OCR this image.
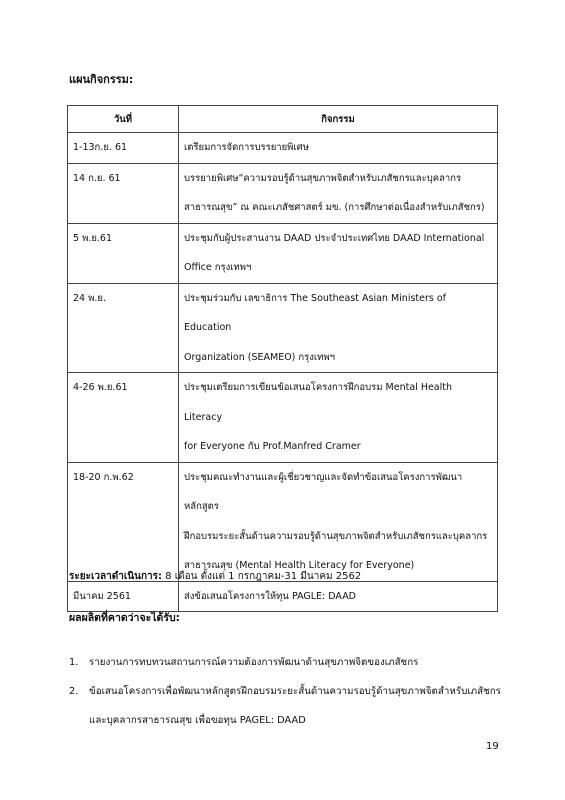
แผนกิจกรรม:
วันที่	กิจกรรม
1-13ก.ย. 61	เตรียมการจัดการบรรยายพิเศษ

14 ก.ย. 61	บรรยายพิเศษ“ความรอบรู้ด้านสุขภาพจิตสำหรับเภสัชกรและบุคลากร
สาธารณสุข” ณ คณะเภสัชศาสตร์ มข. (การศึกษาต่อเนื่องสำหรับเภสัชกร)

5 พ.ย.61	ประชุมกับผู้ประสานงาน DAAD ประจำประเทศไทย DAAD International
Office กรุงเทพฯ

24 พ.ย.	ประชุมร่วมกับ เลขาธิการ The Southeast Asian Ministers of Education
Organization (SEAMEO) กรุงเทพฯ

4-26 พ.ย.61	ประชุมเตรียมการเขียนข้อเสนอโครงการฝึกอบรม Mental Health Literacy
for Everyone กับ Prof.Manfred Cramer

18-20 ก.พ.62	ประชุมคณะทำงานและผู้เชี่ยวชาญและจัดทำข้อเสนอโครงการพัฒนาหลักสูตร
ฝึกอบรมระยะสั้นด้านความรอบรู้ด้านสุขภาพจิตสำหรับเภสัชกรและบุคลากร
สาธารณสุข (Mental Health Literacy for Everyone)

มีนาคม 2561	ส่งข้อเสนอโครงการให้ทุน PAGLE: DAAD
ระยะเวลาดำเนินการ: 8 เดือน ตั้งแต่ 1 กรกฎาคม-31 มีนาคม 2562
ผลผลิตที่คาดว่าจะได้รับ:
1. รายงานการทบทวนสถานการณ์ความต้องการพัฒนาด้านสุขภาพจิตของเภสัชกร
2. ข้อเสนอโครงการเพื่อพัฒนาหลักสูตรฝึกอบรมระยะสั้นด้านความรอบรู้ด้านสุขภาพจิตสำหรับเภสัชกร
และบุคลากรสาธารณสุข เพื่อขอทุน PAGEL: DAAD
19
